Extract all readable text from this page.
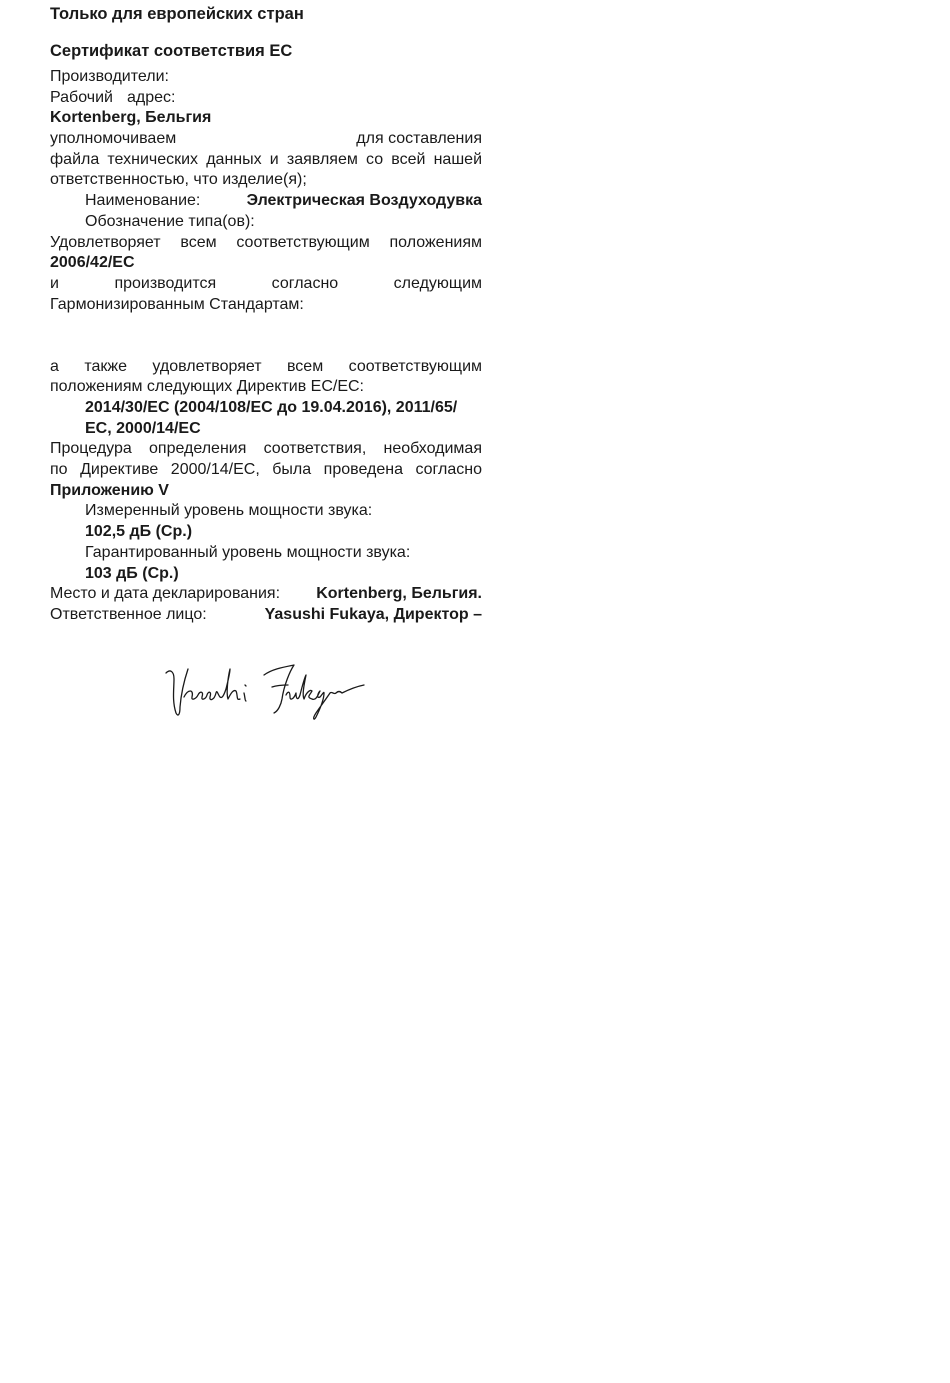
Только для европейских стран
Сертификат соответствия ЕС
Производители:
Рабочий адрес:
Kortenberg, Бельгия
уполномочиваем	для составления
файла технических данных и заявляем со всей нашей
ответственностью, что изделие(я);
Наименование:	Электрическая Воздуходувка
Обозначение типа(ов):
Удовлетворяет всем соответствующим положениям
2006/42/EC
и производится согласно следующим
Гармонизированным Стандартам:
а также удовлетворяет всем соответствующим
положениям следующих Директив ЕС/EC:
2014/30/EC (2004/108/EC до 19.04.2016), 2011/65/
EC, 2000/14/EC
Процедура определения соответствия, необходимая
по Директиве 2000/14/ЕС, была проведена согласно
Приложению V
Измеренный уровень мощности звука:
102,5 дБ (Ср.)
Гарантированный уровень мощности звука:
103 дБ (Ср.)
Место и дата декларирования: Kortenberg, Бельгия.
Ответственное лицо:	Yasushi Fukaya, Директор –
